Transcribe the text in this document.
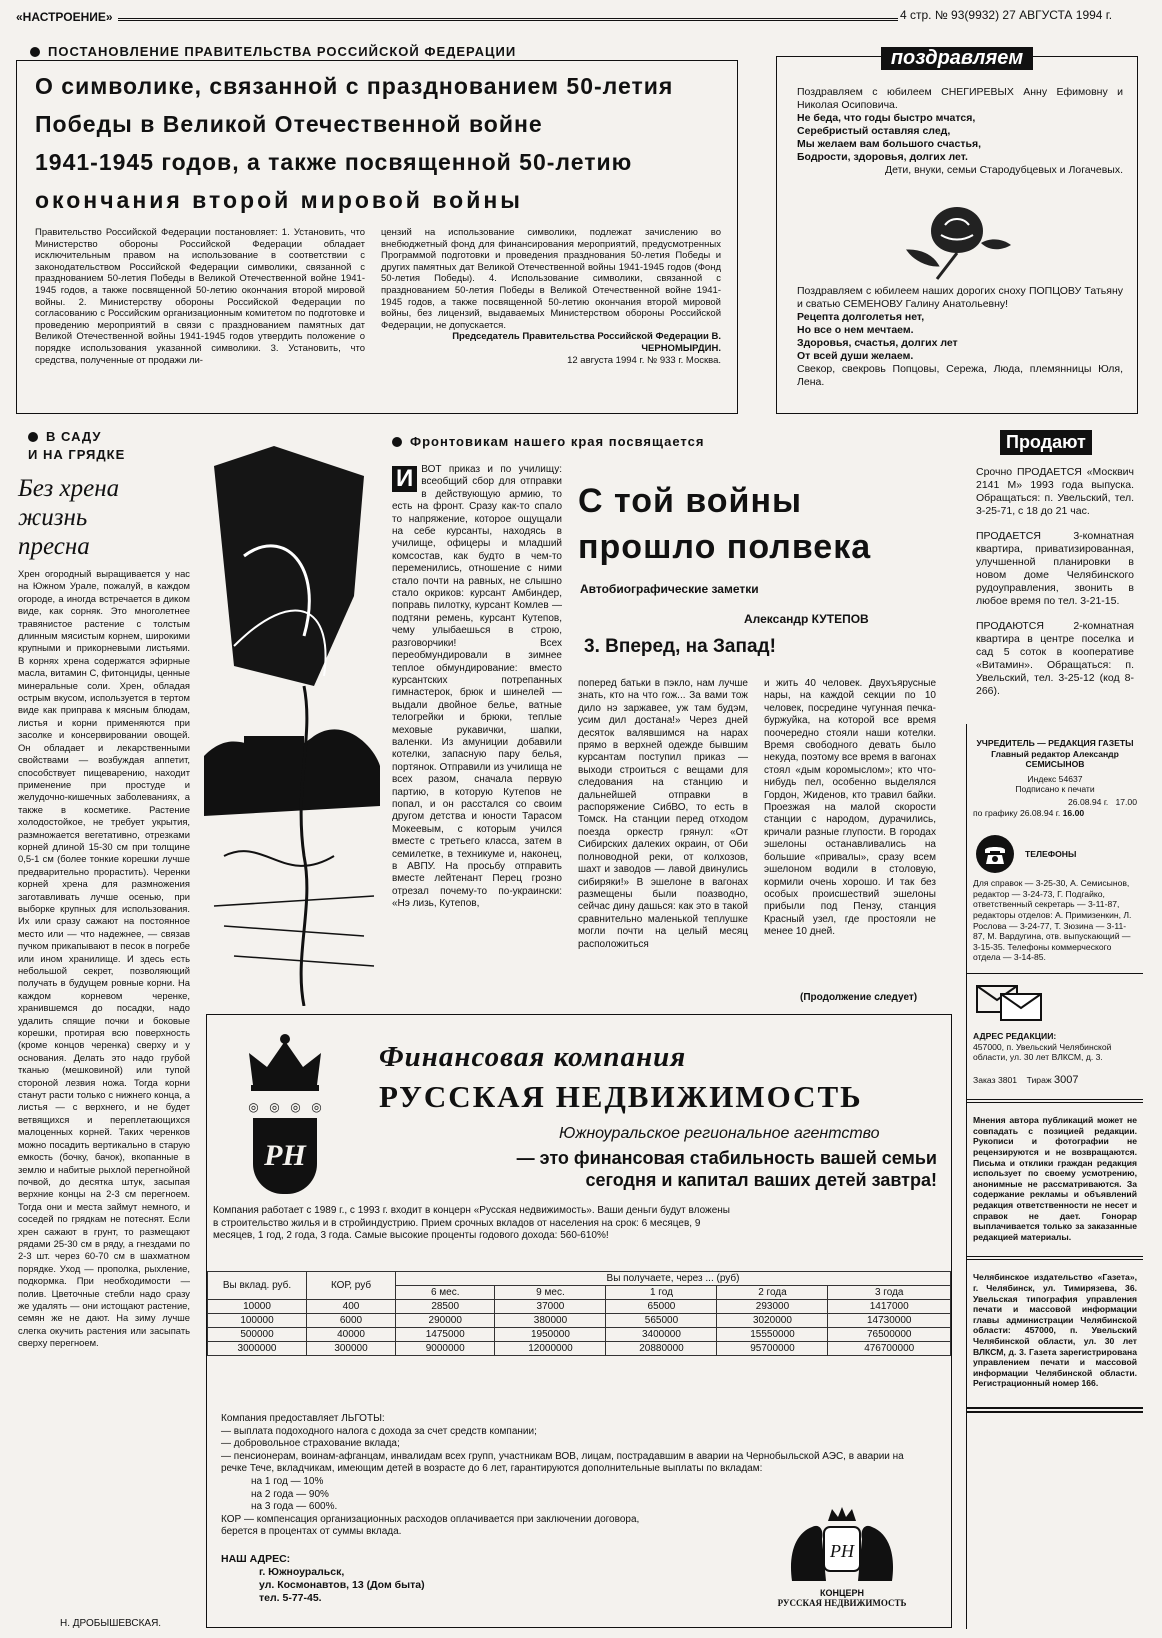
«НАСТРОЕНИЕ»	4 стр. № 93(9932) 27 АВГУСТА 1994 г.
ПОСТАНОВЛЕНИЕ ПРАВИТЕЛЬСТВА РОССИЙСКОЙ ФЕДЕРАЦИИ
О символике, связанной с празднованием 50-летия
Победы в Великой Отечественной войне
1941-1945 годов, а также посвященной 50-летию
окончания второй мировой войны
Правительство Российской Федерации постановляет: 1. Установить, что Министерство обороны Российской Федерации обладает исключительным правом на использование в соответствии с законодательством Российской Федерации символики, связанной с празднованием 50-летия Победы в Великой Отечественной войне 1941-1945 годов, а также посвященной 50-летию окончания второй мировой войны. 2. Министерству обороны Российской Федерации по согласованию с Российским организационным комитетом по подготовке и проведению мероприятий в связи с празднованием памятных дат Великой Отечественной войны 1941-1945 годов утвердить положение о порядке использования указанной символики. 3. Установить, что средства, полученные от продажи ли-
цензий на использование символики, подлежат зачислению во внебюджетный фонд для финансирования мероприятий, предусмотренных Программой подготовки и проведения празднования 50-летия Победы и других памятных дат Великой Отечественной войны 1941-1945 годов (Фонд 50-летия Победы). 4. Использование символики, связанной с празднованием 50-летия Победы в Великой Отечественной войне 1941-1945 годов, а также посвященной 50-летию окончания второй мировой войны, без лицензий, выдаваемых Министерством обороны Российской Федерации, не допускается.
Председатель Правительства Российской Федерации В. ЧЕРНОМЫРДИН.
12 августа 1994 г. № 933 г. Москва.
поздравляем
Поздравляем с юбилеем СНЕГИРЕВЫХ Анну Ефимовну и Николая Осиповича.
Не беда, что годы быстро мчатся,
Серебристый оставляя след,
Мы желаем вам большого счастья,
Бодрости, здоровья, долгих лет.
Дети, внуки, семьи Стародубцевых и Логачевых.
Поздравляем с юбилеем наших дорогих сноху ПОПЦОВУ Татьяну и сватью СЕМЕНОВУ Галину Анатольевну!
Рецепта долголетья нет,
Но все о нем мечтаем.
Здоровья, счастья, долгих лет
От всей души желаем.
Свекор, свекровь Попцовы, Сережа, Люда, племянницы Юля, Лена.
В САДУ
И НА ГРЯДКЕ
Без хрена
жизнь
пресна
Хрен огородный выращивается у нас на Южном Урале, пожалуй, в каждом огороде, а иногда встречается в диком виде, как сорняк. Это многолетнее травянистое растение с толстым длинным мясистым корнем, широкими крупными и прикорневыми листьями. В корнях хрена содержатся эфирные масла, витамин С, фитонциды, ценные минеральные соли. Хрен, обладая острым вкусом, используется в тертом виде как приправа к мясным блюдам, листья и корни применяются при засолке и консервировании овощей. Он обладает и лекарственными свойствами — возбуждая аппетит, способствует пищеварению, находит применение при простуде и желудочно-кишечных заболеваниях, а также в косметике. Растение холодостойкое, не требует укрытия, размножается вегетативно, отрезками корней длиной 15-30 см при толщине 0,5-1 см (более тонкие корешки лучше предварительно прорастить). Черенки корней хрена для размножения заготавливать лучше осенью, при выборке крупных для использования. Их или сразу сажают на постоянное место или — что надежнее, — связав пучком прикапывают в песок в погребе или ином хранилище. И здесь есть небольшой секрет, позволяющий получать в будущем ровные корни. На каждом корневом черенке, хранившемся до посадки, надо удалить спящие почки и боковые корешки, протирая всю поверхность (кроме концов черенка) сверху и у основания. Делать это надо грубой тканью (мешковиной) или тупой стороной лезвия ножа. Тогда корни станут расти только с нижнего конца, а листья — с верхнего, и не будет ветвящихся и переплетающихся малоценных корней. Таких черенков можно посадить вертикально в старую емкость (бочку, бачок), вкопанные в землю и набитые рыхлой перегнойной почвой, до десятка штук, засыпая верхние концы на 2-3 см перегноем. Тогда они и места займут немного, и соседей по грядкам не потеснят. Если хрен сажают в грунт, то размещают рядами 25-30 см в ряду, а гнездами по 2-3 шт. через 60-70 см в шахматном порядке. Уход — прополка, рыхление, подкормка. При необходимости — полив. Цветочные стебли надо сразу же удалять — они истощают растение, семян же не дают. На зиму лучше слегка окучить растения или засыпать сверху перегноем.
Н. ДРОБЫШЕВСКАЯ.
Фронтовикам нашего края посвящается
С той войны
прошло полвека
Автобиографические заметки
Александр КУТЕПОВ
3. Вперед, на Запад!
И ВОТ приказ и по училищу: всеобщий сбор для отправки в действующую армию, то есть на фронт. Сразу как-то спало то напряжение, которое ощущали на себе курсанты, находясь в училище, офицеры и младший комсостав, как будто в чем-то переменились, отношение с ними стало почти на равных, не слышно стало окриков: курсант Амбиндер, поправь пилотку, курсант Комлев — подтяни ремень, курсант Кутепов, чему улыбаешься в строю, разговорчики! Всех переобмундировали в зимнее теплое обмундирование: вместо курсантских потрепанных гимнастерок, брюк и шинелей — выдали двойное белье, ватные телогрейки и брюки, теплые меховые рукавички, шапки, валенки. Из амуниции добавили котелки, запасную пару белья, портянок. Отправили из училища не всех разом, сначала первую партию, в которую Кутепов не попал, и он расстался со своим другом детства и юности Тарасом Мокеевым, с которым учился вместе с третьего класса, затем в семилетке, в техникуме и, наконец, в АВПУ. На просьбу отправить вместе лейтенант Перец грозно отрезал почему-то по-украински: «Нэ лизь, Кутепов,
поперед батьки в пэкло, нам лучше знать, кто на что гож... За вами тож дило нэ заржавее, уж там будэм, усим дил достана!» Через дней десяток валявшимся на нарах прямо в верхней одежде бывшим курсантам поступил приказ — выходи строиться с вещами для следования на станцию и дальнейшей отправки в распоряжение СибВО, то есть в Томск. На станции перед отходом поезда оркестр грянул: «От Сибирских далеких окраин, от Оби полноводной реки, от колхозов, шахт и заводов — лавой двинулись сибиряки!» В эшелоне в вагонах размещены были поазводно, сейчас дину дашься: как это в такой сравнительно маленькой теплушке могли почти на целый месяц расположиться
и жить 40 человек. Двухъярусные нары, на каждой секции по 10 человек, посредине чугунная печка-буржуйка, на которой все время поочередно стояли наши котелки. Время свободного девать было некуда, поэтому все время в вагонах стоял «дым коромыслом»; кто что-нибудь пел, особенно выделялся Гордон, Жиденов, кто травил байки. Проезжая на малой скорости станции с народом, дурачились, кричали разные глупости. В городах эшелоны останавливались на большие «привалы», сразу всем эшелоном водили в столовую, кормили очень хорошо. И так без особых происшествий эшелоны прибыли под Пензу, станция Красный узел, где простояли не менее 10 дней.
(Продолжение следует)
Продают
Срочно ПРОДАЕТСЯ «Москвич 2141 М» 1993 года выпуска. Обращаться: п. Увельский, тел. 3-25-71, с 18 до 21 час.
ПРОДАЕТСЯ 3-комнатная квартира, приватизированная, улучшенной планировки в новом доме Челябинского рудоуправления, звонить в любое время по тел. 3-21-15.
ПРОДАЮТСЯ 2-комнатная квартира в центре поселка и сад 5 соток в кооперативе «Витамин». Обращаться: п. Увельский, тел. 3-25-12 (код 8-266).
УЧРЕДИТЕЛЬ — РЕДАКЦИЯ ГАЗЕТЫ
Главный редактор Александр СЕМИСЫНОВ
Индекс 54637
Подписано к печати
26.08.94 г. 17.00
по графику 26.08.94 г. 16.00
ТЕЛЕФОНЫ
Для справок — 3-25-30, А. Семисынов, редактор — 3-24-73, Г. Подгайко, ответственный секретарь — 3-11-87, редакторы отделов: А. Примизенкин, Л. Рослова — 3-24-77, Т. Зюзина — 3-11-87, М. Вардугина, отв. выпускающий — 3-15-35. Телефоны коммерческого отдела — 3-14-85.
АДРЕС РЕДАКЦИИ:
457000, п. Увельский Челябинской области, ул. 30 лет ВЛКСМ, д. 3.
Заказ 3801 Тираж 3007
Мнения автора публикаций может не совпадать с позицией редакции. Рукописи и фотографии не рецензируются и не возвращаются. Письма и отклики граждан редакция использует по своему усмотрению, анонимные не рассматриваются. За содержание рекламы и объявлений редакция ответственности не несет и справок не дает. Гонорар выплачивается только за заказанные редакцией материалы.
Челябинское издательство «Газета», г. Челябинск, ул. Тимирязева, 36. Увельская типография управления печати и массовой информации главы администрации Челябинской области: 457000, п. Увельский Челябинской области, ул. 30 лет ВЛКСМ, д. 3. Газета зарегистрирована управлением печати и массовой информации Челябинской области. Регистрационный номер 166.
◎ ◎ ◎ ◎
РН
Финансовая компания
РУССКАЯ НЕДВИЖИМОСТЬ
Южноуральское региональное агентство
— это финансовая стабильность вашей семьи
сегодня и капитал ваших детей завтра!
Компания работает с 1989 г., с 1993 г. входит в концерн «Русская недвижимость». Ваши деньги будут вложены в строительство жилья и в стройиндустрию. Прием срочных вкладов от населения на срок: 6 месяцев, 9 месяцев, 1 год, 2 года, 3 года. Самые высокие проценты годового дохода: 560-610%!
Вы вклад. руб.	КОР, руб	Вы получаете, через ... (руб)				
		6 мес.	9 мес.	1 год	2 года	3 года
10000	400	28500	37000	65000	293000	1417000
100000	6000	290000	380000	565000	3020000	14730000
500000	40000	1475000	1950000	3400000	15550000	76500000
3000000	300000	9000000	12000000	20880000	95700000	476700000
Компания предоставляет ЛЬГОТЫ:
— выплата подоходного налога с дохода за счет средств компании;
— добровольное страхование вклада;
— пенсионерам, воинам-афганцам, инвалидам всех групп, участникам ВОВ, лицам, пострадавшим в аварии на Чернобыльской АЭС, в аварии на речке Тече, вкладчикам, имеющим детей в возрасте до 6 лет, гарантируются дополнительные выплаты по вкладам:
на 1 год — 10%
на 2 года — 90%
на 3 года — 600%.
КОР — компенсация организационных расходов оплачивается при заключении договора, берется в процентах от суммы вклада.
НАШ АДРЕС:
г. Южноуральск,
ул. Космонавтов, 13 (Дом быта)
тел. 5-77-45.
РН
КОНЦЕРН
РУССКАЯ НЕДВИЖИМОСТЬ
